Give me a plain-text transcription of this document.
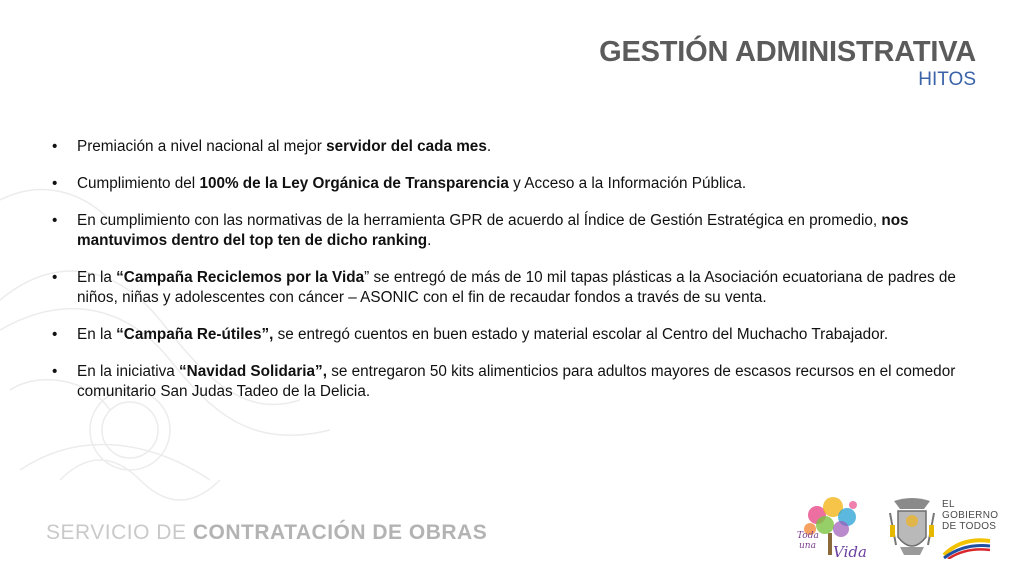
GESTIÓN ADMINISTRATIVA
HITOS
•	Premiación a nivel nacional al mejor servidor del cada mes.
•	Cumplimiento del 100% de la Ley Orgánica de Transparencia y Acceso a la Información Pública.
•	En cumplimiento con las normativas de la herramienta GPR de acuerdo al Índice de Gestión Estratégica en promedio, nos mantuvimos dentro del top ten de dicho ranking.
•	En la “Campaña Reciclemos por la Vida” se entregó de más de 10 mil tapas plásticas a la Asociación ecuatoriana de padres de niños, niñas y adolescentes con cáncer – ASONIC con el fin de recaudar fondos a través de su venta.
•	En la “Campaña Re-útiles”, se entregó cuentos en buen estado y material escolar al Centro del Muchacho Trabajador.
•	En la iniciativa “Navidad Solidaria”, se entregaron 50 kits alimenticios para adultos mayores de escasos recursos en el comedor comunitario San Judas Tadeo de la Delicia.
SERVICIO DE CONTRATACIÓN DE OBRAS	Toda
una Vida
EL
GOBIERNO
DE TODOS
